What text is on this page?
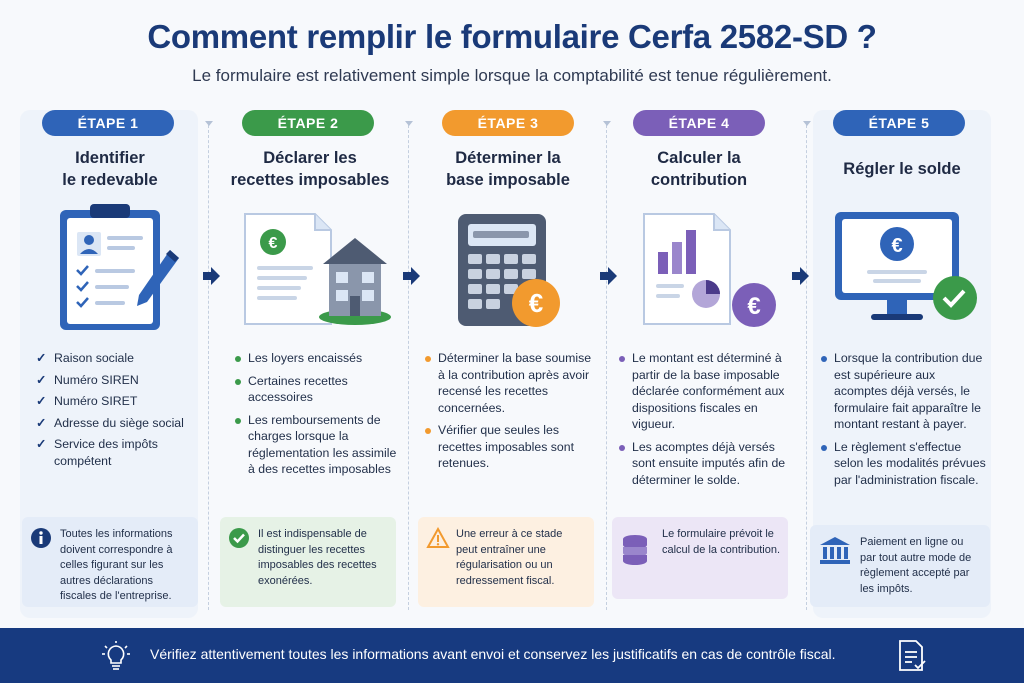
Comment remplir le formulaire Cerfa 2582-SD ?
Le formulaire est relativement simple lorsque la comptabilité est tenue régulièrement.
ÉTAPE 1
Identifier
le redevable
✓ Raison sociale
✓ Numéro SIREN
✓ Numéro SIRET
✓ Adresse du siège social
✓ Service des impôts compétent
Toutes les informations doivent correspondre à celles figurant sur les autres déclarations fiscales de l'entreprise.
ÉTAPE 2
Déclarer les
recettes imposables
€
Les loyers encaissés
Certaines recettes accessoires
Les remboursements de charges lorsque la réglementation les assimile à des recettes imposables
Il est indispensable de distinguer les recettes imposables des recettes exonérées.
ÉTAPE 3
Déterminer la
base imposable
€
Déterminer la base soumise à la contribution après avoir recensé les recettes concernées.
Vérifier que seules les recettes imposables sont retenues.
Une erreur à ce stade peut entraîner une régularisation ou un redressement fiscal.
ÉTAPE 4
Calculer la
contribution
€
Le montant est déterminé à partir de la base imposable déclarée conformément aux dispositions fiscales en vigueur.
Les acomptes déjà versés sont ensuite imputés afin de déterminer le solde.
Le formulaire prévoit le calcul de la contribution.
ÉTAPE 5
Régler le solde
€
Lorsque la contribution due est supérieure aux acomptes déjà versés, le formulaire fait apparaître le montant restant à payer.
Le règlement s'effectue selon les modalités prévues par l'administration fiscale.
Paiement en ligne ou par tout autre mode de règlement accepté par les impôts.
Vérifiez attentivement toutes les informations avant envoi et conservez les justificatifs en cas de contrôle fiscal.
